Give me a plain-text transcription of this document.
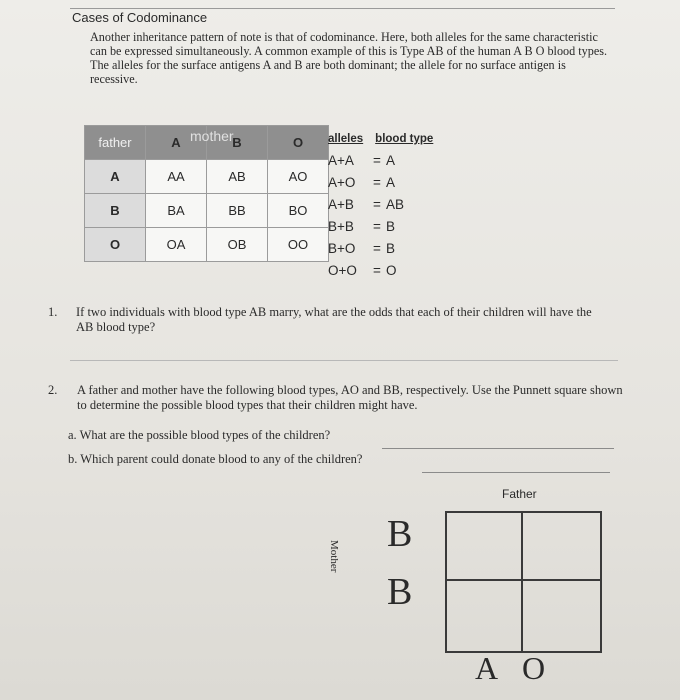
Cases of Codominance
Another inheritance pattern of note is that of codominance. Here, both alleles for the same characteristic can be expressed simultaneously. A common example of this is Type AB of the human A B O blood types. The alleles for the surface antigens A and B are both dominant; the allele for no surface antigen is recessive.
father	A	B	O
A	AA	AB	AO
B	BA	BB	BO
O	OA	OB	OO
mother	alleles blood type
A+A = A
A+O = A
A+B = AB
B+B = B
B+O = B
O+O = O
1. If two individuals with blood type AB marry, what are the odds that each of their children will have the AB blood type?
2. A father and mother have the following blood types, AO and BB, respectively. Use the Punnett square shown to determine the possible blood types that their children might have.
a. What are the possible blood types of the children?
b. Which parent could donate blood to any of the children?
Father
Mother
B
B
A O
